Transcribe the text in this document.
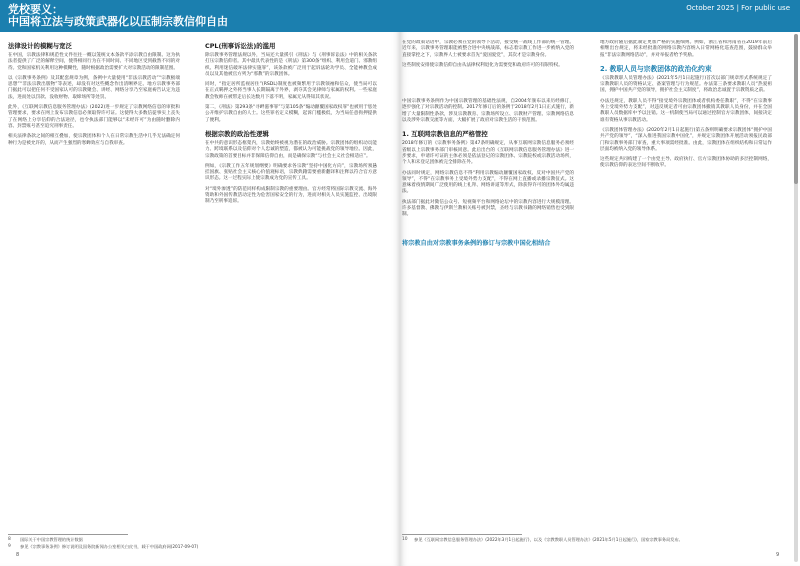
党校要义：
中国将立法与政策武器化以压制宗教信仰自由
October 2025 | For public use
法律设计的模糊与宽泛
在中国，宗教法律和规范性文件往往一概以笼统文本条款平添宗教自由限制。这为执法者提供了广泛的解释空间，使得相同行为在不同时间、不同地区受到截然不同的对待。党和国家机关利用这种模糊性，随时根据政治需要扩大对宗教活动的限制范围。
以《宗教事务条例》及其配套规章为例，条例中大量使用“非法宗教活动”“宗教极端思想”“非法宗教出版物”等表述，却没有对这些概念作出清晰界定。地方宗教事务部门据此可以把任何不受国家认可的宗教聚会、讲经、网络分享乃至家庭祷告认定为违法，进而处以罚款、没收财物、取缔场所等处罚。
此外，《互联网宗教信息服务管理办法》(2022)进一步规定了宗教网络信息的审批和管理要求，要求在网上发布宗教信息必须取得许可证。这使得大多数信徒事实上丧失了在网络上分享信仰的合法途径，也令执法部门能够以“未经许可”为由随时删除内容、封禁账号甚至追究刑事责任。
相关法律条款之间的相互叠加，使宗教团体和个人在日常宗教生活中几乎无法确定何种行为是被允许的，从而产生强烈的寒蝉效应与自我审查。
CPL(刑事诉讼法)的滥用
除宗教事务管理法规以外，当局还大量援引《刑法》与《刑事诉讼法》中的相关条款打压宗教信仰者。其中最具代表性的是《刑法》第300条“组织、利用会道门、邪教组织、利用迷信破坏法律实施罪”，该条款被广泛用于起诉法轮功学员、全能神教会成员以及其他被官方列为“邪教”的宗教团体。
同时，“指定居所监视居住”(RSDL)制度也被频繁用于宗教领袖和信众，使当局可以在正式羁押之外将当事人长期隔离于外界，剥夺其会见律师与家属的权利。一些家庭教会牧师在被带走后长达数月下落不明，家属无从得知其状况。
第二，《刑法》第293条“寻衅滋事罪”与第105条“煽动颠覆国家政权罪”也被用于惩处公开维护宗教自由的人士。这些罪名定义模糊，起诉门槛极低，为当局任意拘押提供了便利。
根据宗教的政治性逻辑
在中共的意识形态框架内，宗教始终被视为潜在的政治威胁。宗教团体的组织动员能力、跨境联系以及信仰对个人忠诚的塑造，都被认为可能挑战党的领导地位。因此，宗教政策的首要目标并非保障信仰自由，而是确保宗教“与社会主义社会相适应”。
例如，《宗教工作五年规划纲要》明确要求各宗教“坚持中国化方向”，宗教场所须悬挂国旗、张贴社会主义核心价值观标语，宗教典籍需要重新翻译和注释以符合官方意识形态。这一过程实际上使宗教成为党的宣传工具。
对“境外渗透”的防范同样构成限制宗教的重要理由。官方经常将国际宗教交流、海外资助和外国传教活动定性为危害国家安全的行为，进而对相关人员实施监控、出境限制乃至刑事追诉。
在党的政策话语中，宗教必须在党的领导下活动，接受统一战线工作部的统一管理。近年来，宗教事务管理职能被整合进中央统战部，标志着宗教工作进一步被纳入党的直接掌控之下，宗教界人士被要求首先“爱国爱党”，其次才是宗教身份。
这些制度安排使宗教信仰自由从法律权利退化为需要党和政府许可的有限特权。
中国宗教事务条例作为中国宗教管理的基础性法规，自2004年颁布以来历经修订，逐步强化了对宗教活动的控制。2017年修订后的条例于2018年2月1日正式施行，新增了大量限制性条款，涉及宗教教育、宗教场所设立、宗教财产管理、宗教网络信息以及涉外宗教交流等方面，大幅扩展了政府对宗教生活的干预范围。
1. 互联网宗教信息的严格管控
2018年修订的《宗教事务条例》第47条明确规定，从事互联网宗教信息服务必须经省级以上宗教事务部门审核同意。此后出台的《互联网宗教信息服务管理办法》进一步要求，申请许可证的主体必须是依法登记的宗教团体、宗教院校或宗教活动场所，个人和未登记团体被完全排除在外。
办法同时规定，网络宗教信息不得“利用宗教煽动颠覆国家政权、反对中国共产党的领导”，不得“在宗教事务上受境外势力支配”，不得在网上直播或录播宗教仪式。这意味着疫情期间广泛使用的线上礼拜、网络讲道等形式，除获得许可的团体外均属违法。
执法部门据此对微信公众号、短视频平台和网络论坛中的宗教内容进行大规模清理。许多基督教、佛教与伊斯兰教相关账号被封禁，圣经与宗教书籍的网络销售也受到限制。
地方政府随后据此制定更加严格的实施细则。例如，浙江省和河南省在2019年前后相继出台规定，将未经批准的网络宗教内容纳入日常网格化巡查范围，鼓励群众举报“非法宗教网络活动”，并对举报者给予奖励。
2. 教职人员与宗教团体的政治化约束
《宗教教职人员管理办法》(2021年5月1日起施行)首次以部门规章形式系统规定了宗教教职人员的资格认定、备案管理与行为规范。办法第三条要求教职人员“热爱祖国，拥护中国共产党的领导，拥护社会主义制度”，将政治忠诚置于宗教资质之前。
办法还规定，教职人员不得“接受境外宗教团体或者机构委任教职”，不得“在宗教事务上受境外势力支配”，对违反规定者可由宗教团体撤销其教职人员身份，并在全国教职人员数据库中予以注销。这一机制使当局可以通过控制官方宗教团体，间接决定谁有资格从事宗教活动。
《宗教团体管理办法》(2020年2月1日起施行)第五条则明确要求宗教团体“拥护中国共产党的领导”，“深入推进我国宗教中国化”，并规定宗教团体开展活动须报民政部门和宗教事务部门审查，重大事项需经批准。由此，宗教团体在组织结构和日常运作层面均被纳入党的领导体系。
这些规定共同构建了一个由党主导、政府执行、官方宗教团体协助的多层控制网络，使宗教信仰的表达空间不断收窄。
将宗教自由对宗教事务条例的修订与宗教中国化相结合
8 国际关于中国宗教管理的统计数据
9 参见《宗教事务条例》修订说明及国务院新闻办公室相关白皮书，载于中国政府网(2017-09-07)
10 参见《互联网宗教信息服务管理办法》(2022年3月1日起施行)，以及《宗教教职人员管理办法》(2021年5月1日起施行)，国家宗教事务局发布。
8	9
